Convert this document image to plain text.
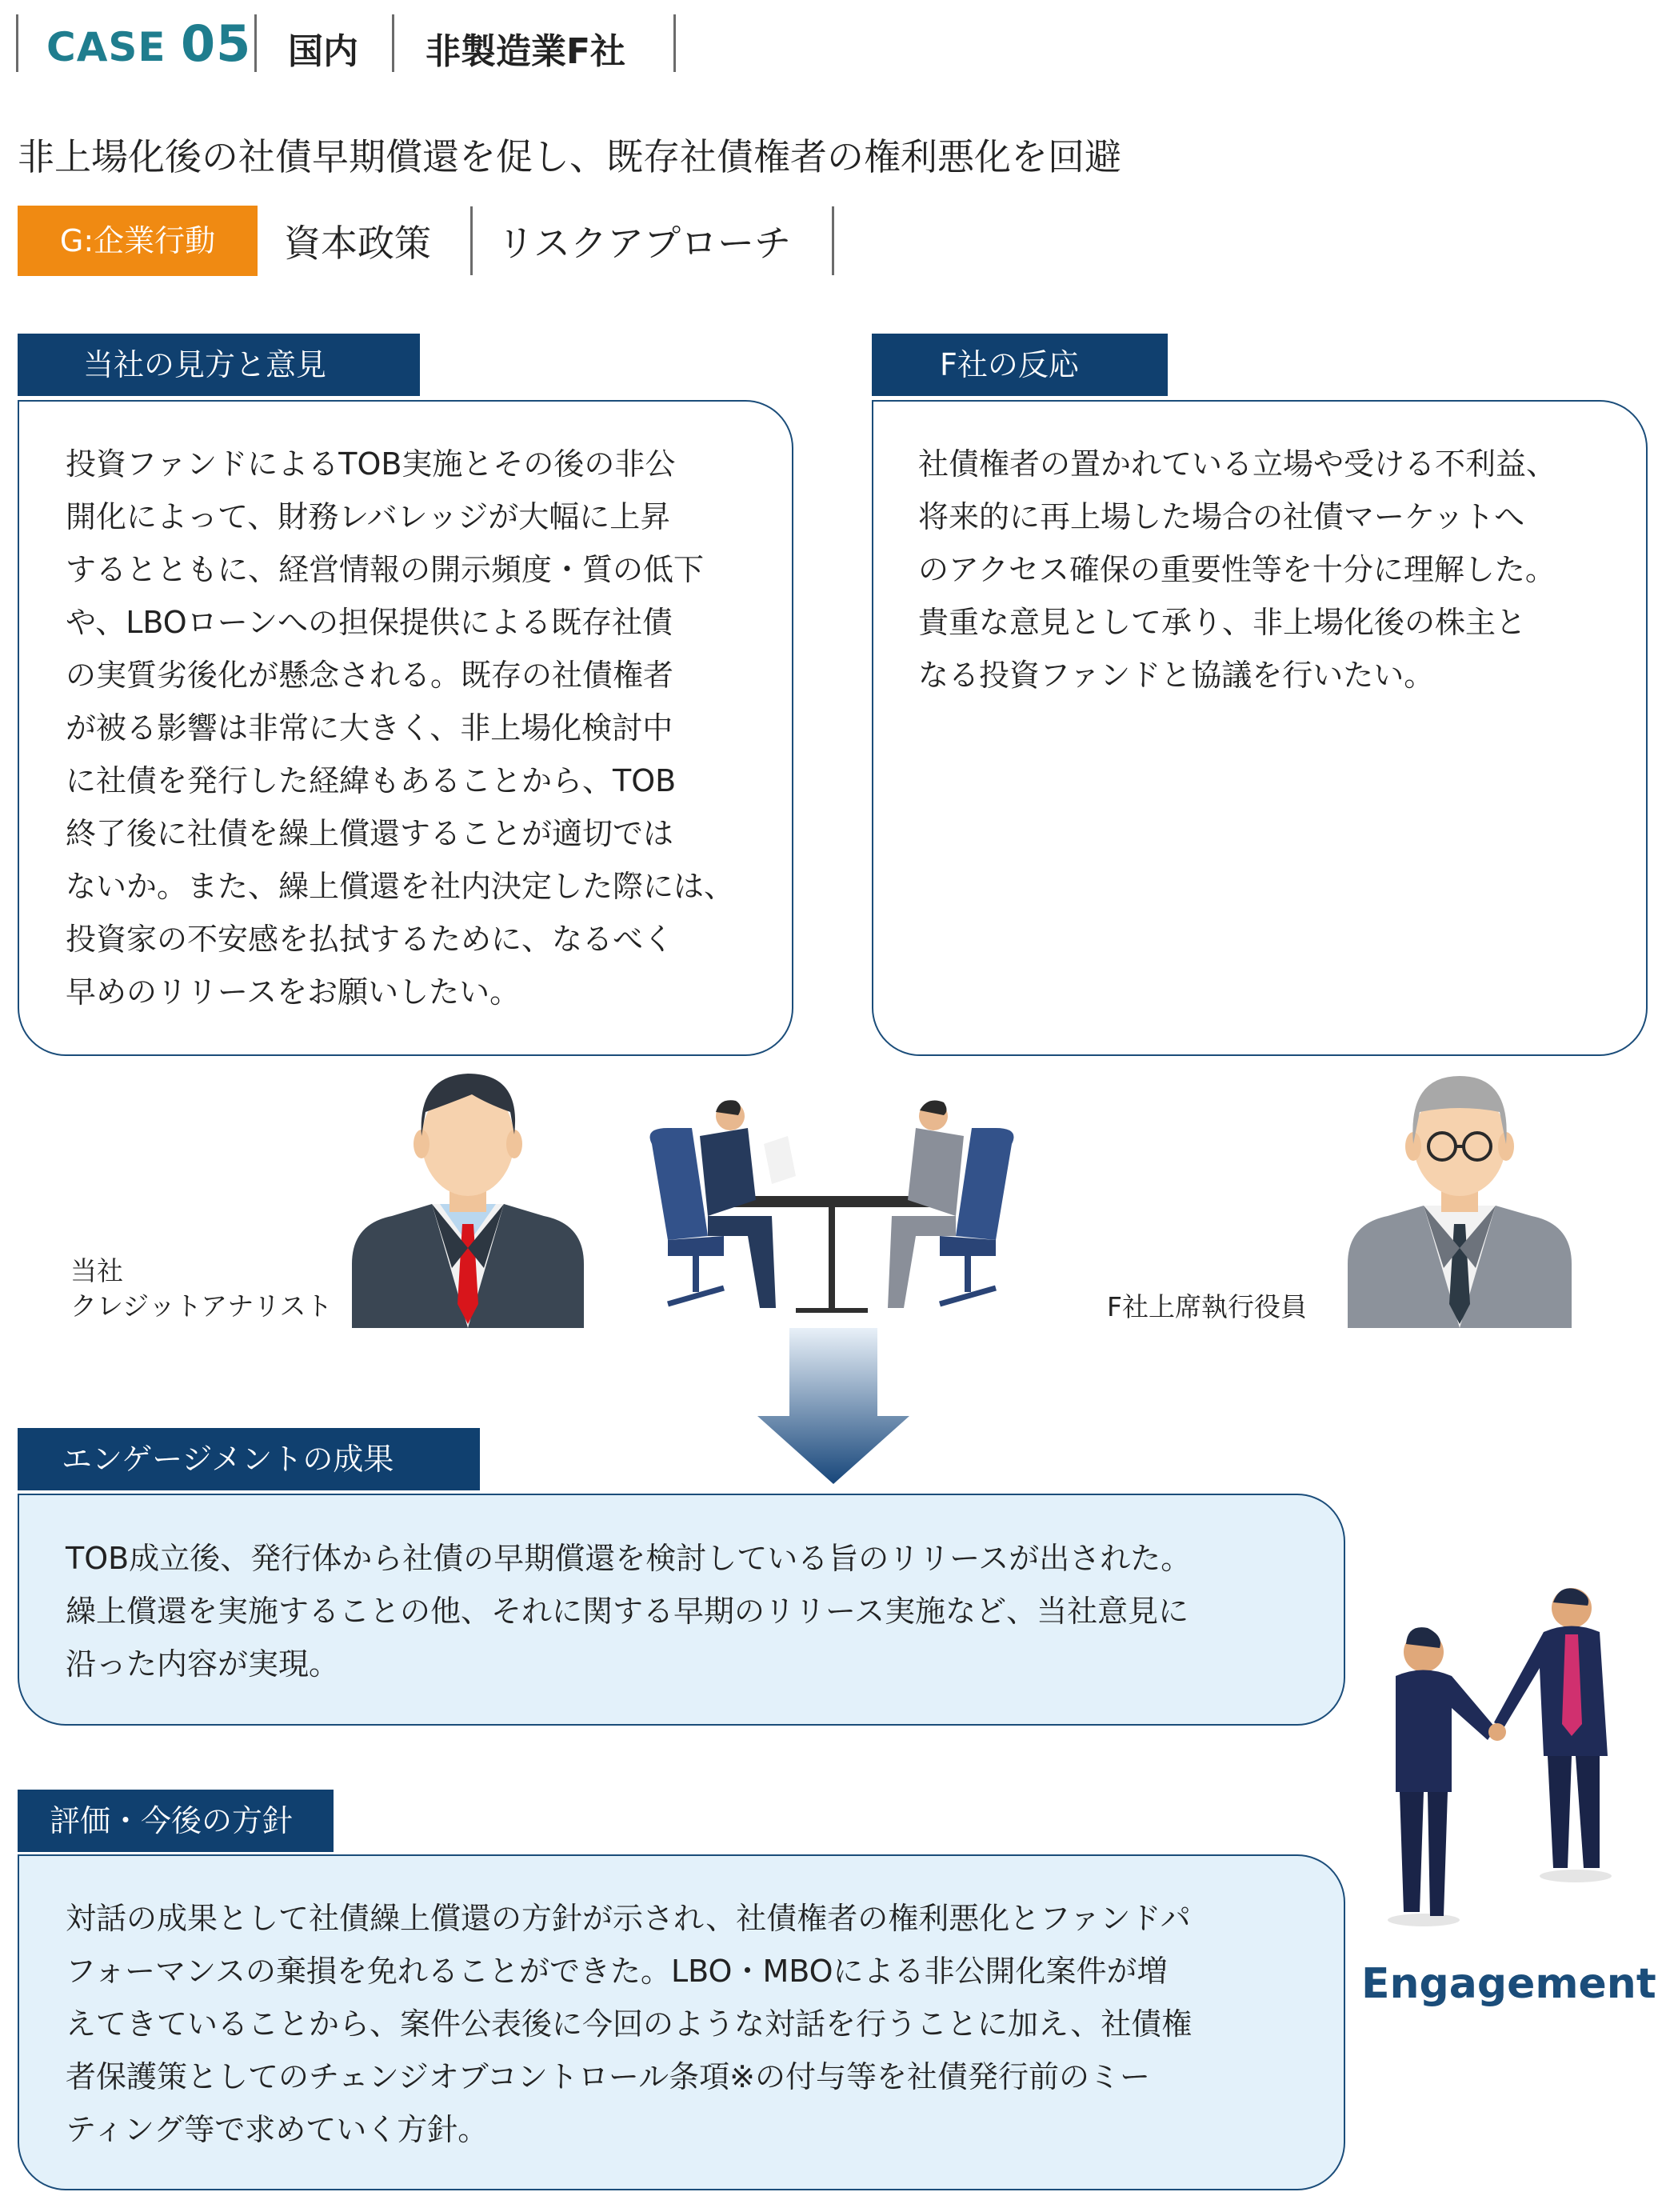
CASE 05 国内 非製造業F社
非上場化後の社債早期償還を促し、既存社債権者の権利悪化を回避
G:企業行動	資本政策 リスクアプローチ
当社の見方と意見
投資ファンドによるTOB実施とその後の非公
開化によって、財務レバレッジが大幅に上昇
するとともに、経営情報の開示頻度・質の低下
や、LBOローンへの担保提供による既存社債
の実質劣後化が懸念される。既存の社債権者
が被る影響は非常に大きく、非上場化検討中
に社債を発行した経緯もあることから、TOB
終了後に社債を繰上償還することが適切では
ないか。また、繰上償還を社内決定した際には、
投資家の不安感を払拭するために、なるべく
早めのリリースをお願いしたい。
F社の反応
社債権者の置かれている立場や受ける不利益、
将来的に再上場した場合の社債マーケットへ
のアクセス確保の重要性等を十分に理解した。
貴重な意見として承り、非上場化後の株主と
なる投資ファンドと協議を行いたい。
当社
クレジットアナリスト	F社上席執行役員
エンゲージメントの成果
TOB成立後、発行体から社債の早期償還を検討している旨のリリースが出された。
繰上償還を実施することの他、それに関する早期のリリース実施など、当社意見に
沿った内容が実現。
Engagement
評価・今後の方針
対話の成果として社債繰上償還の方針が示され、社債権者の権利悪化とファンドパ
フォーマンスの棄損を免れることができた。LBO・MBOによる非公開化案件が増
えてきていることから、案件公表後に今回のような対話を行うことに加え、社債権
者保護策としてのチェンジオブコントロール条項※の付与等を社債発行前のミー
ティング等で求めていく方針。
